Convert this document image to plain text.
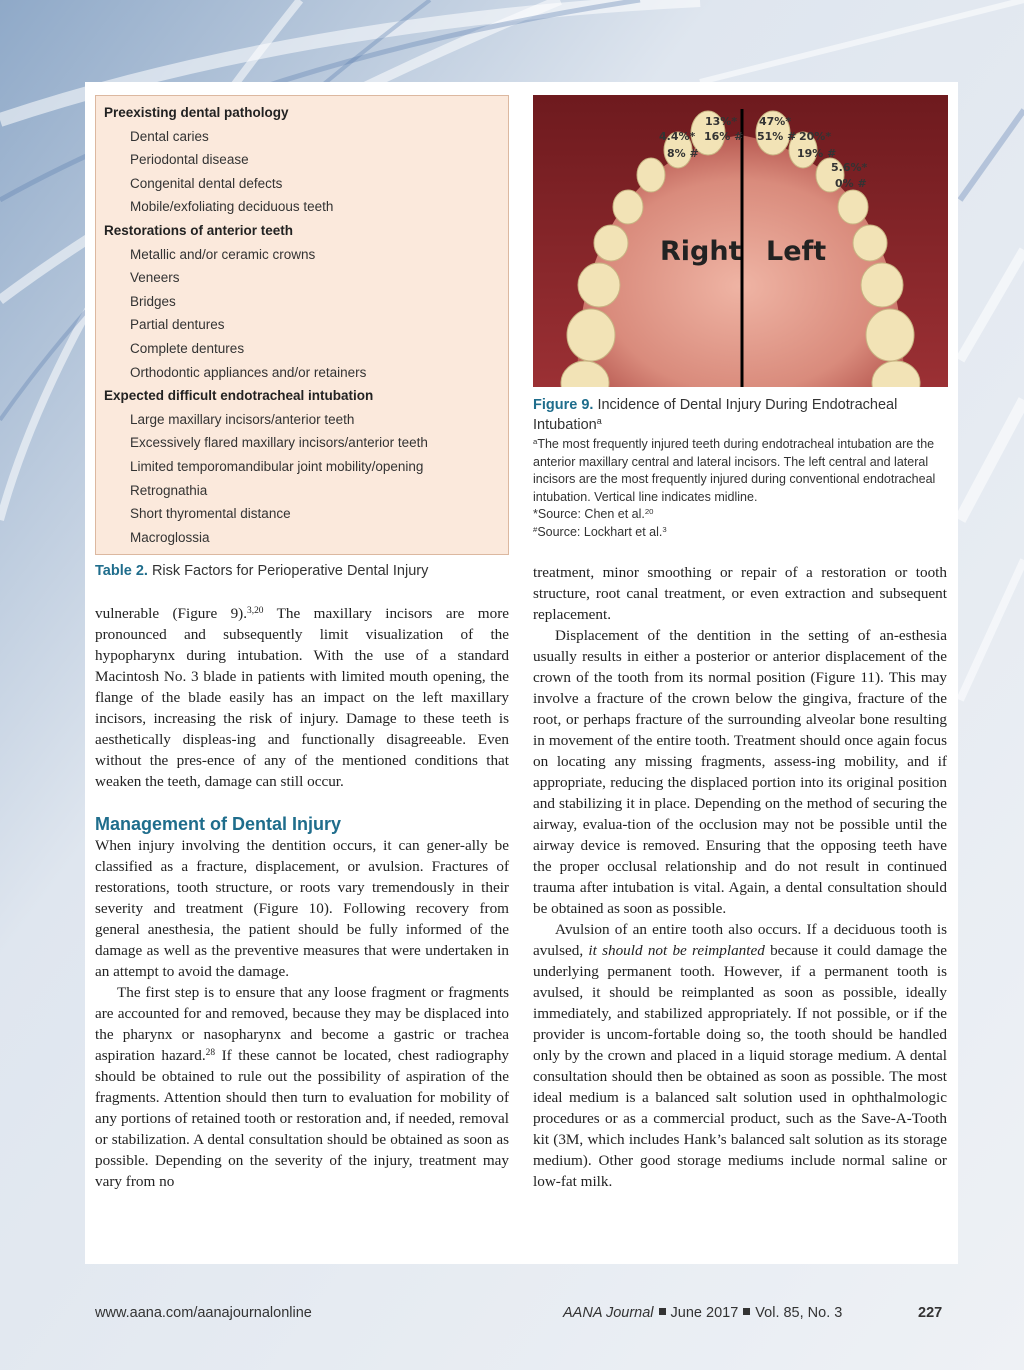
Preexisting dental pathology
Dental caries
Periodontal disease
Congenital dental defects
Mobile/exfoliating deciduous teeth
Restorations of anterior teeth
Metallic and/or ceramic crowns
Veneers
Bridges
Partial dentures
Complete dentures
Orthodontic appliances and/or retainers
Expected difficult endotracheal intubation
Large maxillary incisors/anterior teeth
Excessively flared maxillary incisors/anterior teeth
Limited temporomandibular joint mobility/opening
Retrognathia
Short thyromental distance
Macroglossia
Table 2. Risk Factors for Perioperative Dental Injury
13%*
4.4%* 16% #
8% #
47%*
51% # 20%*
19% #
5.6%*
0% #
Right Left
Figure 9. Incidence of Dental Injury During Endotracheal Intubation$^a$
$^a$The most frequently injured teeth during endotracheal intubation are the anterior maxillary central and lateral incisors. The left central and lateral incisors are the most frequently injured during conventional endotracheal intubation. Vertical line indicates midline.
*Source: Chen et al.$^{20}$
#Source: Lockhart et al.$^3$

vulnerable (Figure 9).$^{3,20}$ The maxillary incisors are more pronounced and subsequently limit visualization of the hypopharynx during intubation. With the use of a standard Macintosh No. 3 blade in patients with limited mouth opening, the flange of the blade easily has an impact on the left maxillary incisors, increasing the risk of injury. Damage to these teeth is aesthetically displeas-ing and functionally disagreeable. Even without the pres-ence of any of the mentioned conditions that weaken the teeth, damage can still occur.

Management of Dental Injury

When injury involving the dentition occurs, it can gener-ally be classified as a fracture, displacement, or avulsion. Fractures of restorations, tooth structure, or roots vary tremendously in their severity and treatment (Figure 10). Following recovery from general anesthesia, the patient should be fully informed of the damage as well as the preventive measures that were undertaken in an attempt to avoid the damage.

The first step is to ensure that any loose fragment or fragments are accounted for and removed, because they may be displaced into the pharynx or nasopharynx and become a gastric or trachea aspiration hazard.$^{28}$ If these cannot be located, chest radiography should be obtained to rule out the possibility of aspiration of the fragments. Attention should then turn to evaluation for mobility of any portions of retained tooth or restoration and, if needed, removal or stabilization. A dental consultation should be obtained as soon as possible. Depending on the severity of the injury, treatment may vary from no

treatment, minor smoothing or repair of a restoration or tooth structure, root canal treatment, or even extraction and subsequent replacement.

Displacement of the dentition in the setting of an-esthesia usually results in either a posterior or anterior displacement of the crown of the tooth from its normal position (Figure 11). This may involve a fracture of the crown below the gingiva, fracture of the root, or perhaps fracture of the surrounding alveolar bone resulting in movement of the entire tooth. Treatment should once again focus on locating any missing fragments, assess-ing mobility, and if appropriate, reducing the displaced portion into its original position and stabilizing it in place. Depending on the method of securing the airway, evalua-tion of the occlusion may not be possible until the airway device is removed. Ensuring that the opposing teeth have the proper occlusal relationship and do not result in continued trauma after intubation is vital. Again, a dental consultation should be obtained as soon as possible.

Avulsion of an entire tooth also occurs. If a deciduous tooth is avulsed, it should not be reimplanted because it could damage the underlying permanent tooth. However, if a permanent tooth is avulsed, it should be reimplanted as soon as possible, ideally immediately, and stabilized appropriately. If not possible, or if the provider is uncom-fortable doing so, the tooth should be handled only by the crown and placed in a liquid storage medium. A dental consultation should then be obtained as soon as possible. The most ideal medium is a balanced salt solution used in ophthalmologic procedures or as a commercial product, such as the Save-A-Tooth kit (3M, which includes Hank’s balanced salt solution as its storage medium). Other good storage mediums include normal saline or low-fat milk.

www.aana.com/aanajournalonline	AANA Journal June 2017 Vol. 85, No. 3	227
